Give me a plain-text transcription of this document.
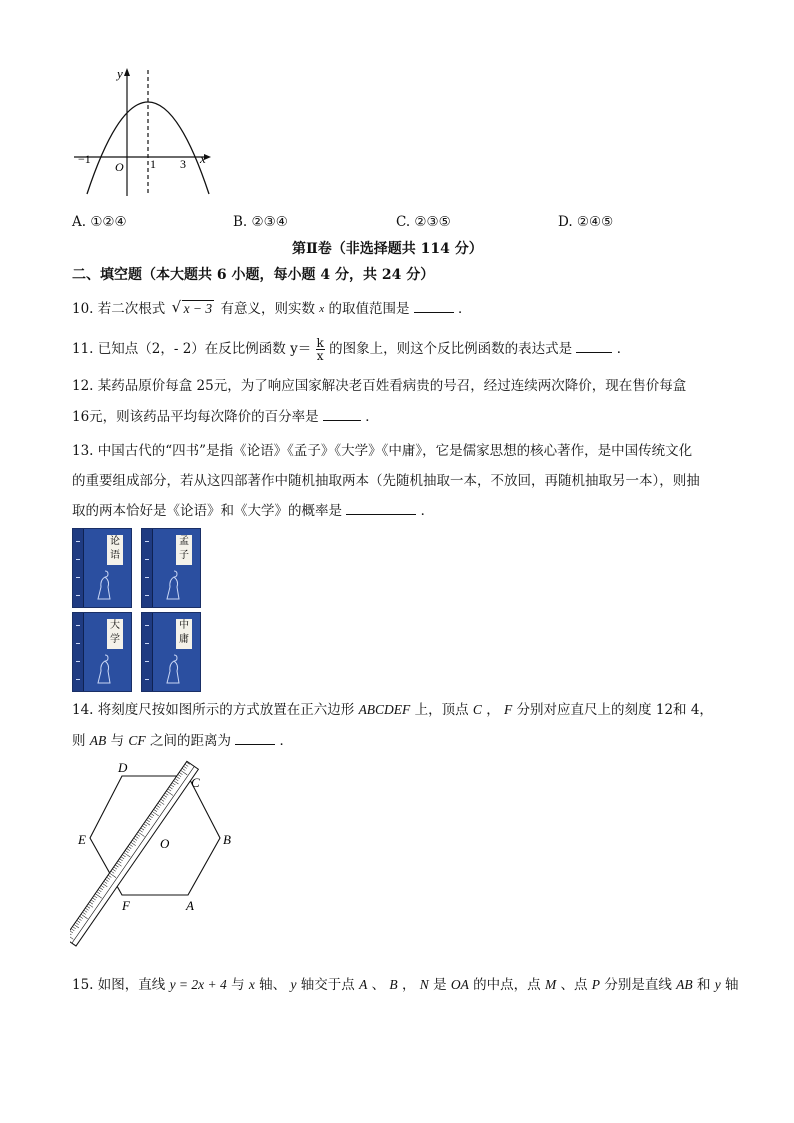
y
x
O
−1	1 3
A. ①②④	B. ②③④	C. ②③⑤	D. ②④⑤
第Ⅱ卷（非选择题共 114 分）
二、填空题（本大题共 6 小题，每小题 4 分，共 24 分）
10. 若二次根式 √ x − 3 有意义，则实数 $^x$ 的取值范围是	．
11. 已知点（2，- 2）在反比例函数 $y= \frac{k}{x}$ 的图象上，则这个反比例函数的表达式是	．
12. 某药品原价每盒 25元，为了响应国家解决老百姓看病贵的号召，经过连续两次降价，现在售价每盒
16元，则该药品平均每次降价的百分率是	．
13. 中国古代的“四书”是指《论语》《孟子》《大学》《中庸》，它是儒家思想的核心著作，是中国传统文化
的重要组成部分，若从这四部著作中随机抽取两本（先随机抽取一本，不放回，再随机抽取另一本），则抽
取的两本恰好是《论语》和《大学》的概率是	．
论
语
孟
子
大
学
中
庸
14. 将刻度尺按如图所示的方式放置在正六边形 ABCDEF 上，顶点 C ， F 分别对应直尺上的刻度 12和 4，
则 AB 与 CF 之间的距离为	．
D
C
B
A
F
E	O
15. 如图，直线 y = 2x + 4 与 x 轴、 y 轴交于点 A 、 B ， N 是 OA 的中点，点 M 、点 P 分别是直线 AB 和 y 轴
